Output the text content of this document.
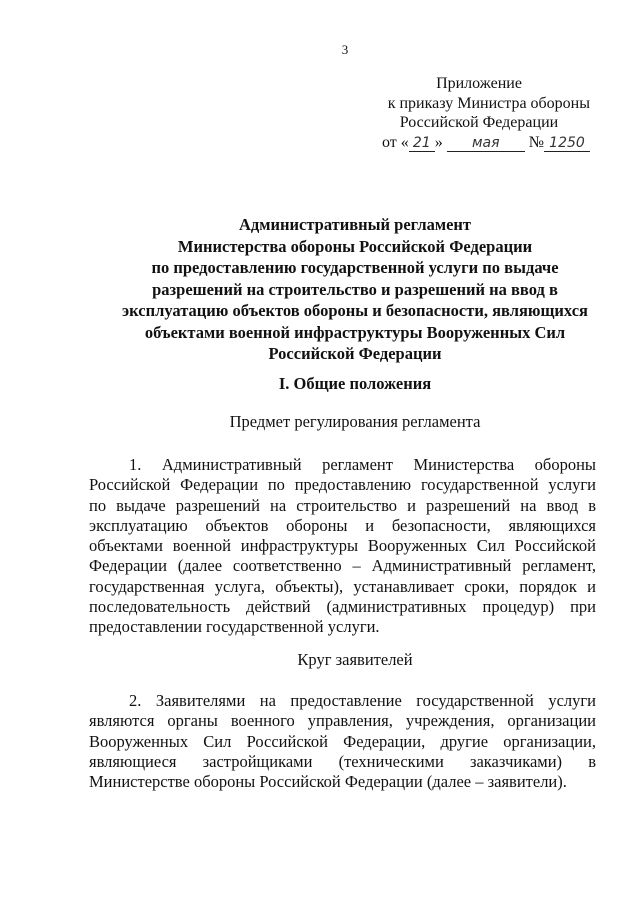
3
Приложение
к приказу Министра обороны
Российской Федерации
от « 21 » мая № 1250
Административный регламент
Министерства обороны Российской Федерации
по предоставлению государственной услуги по выдаче
разрешений на строительство и разрешений на ввод в
эксплуатацию объектов обороны и безопасности, являющихся
объектами военной инфраструктуры Вооруженных Сил
Российской Федерации
I. Общие положения
Предмет регулирования регламента
1. Административный регламент Министерства обороны
Российской Федерации по предоставлению государственной услуги
по выдаче разрешений на строительство и разрешений на ввод в
эксплуатацию объектов обороны и безопасности, являющихся
объектами военной инфраструктуры Вооруженных Сил Российской
Федерации (далее соответственно – Административный регламент,
государственная услуга, объекты), устанавливает сроки, порядок и
последовательность действий (административных процедур) при
предоставлении государственной услуги.
Круг заявителей
2. Заявителями на предоставление государственной услуги
являются органы военного управления, учреждения, организации
Вооруженных Сил Российской Федерации, другие организации,
являющиеся застройщиками (техническими заказчиками) в
Министерстве обороны Российской Федерации (далее – заявители).
